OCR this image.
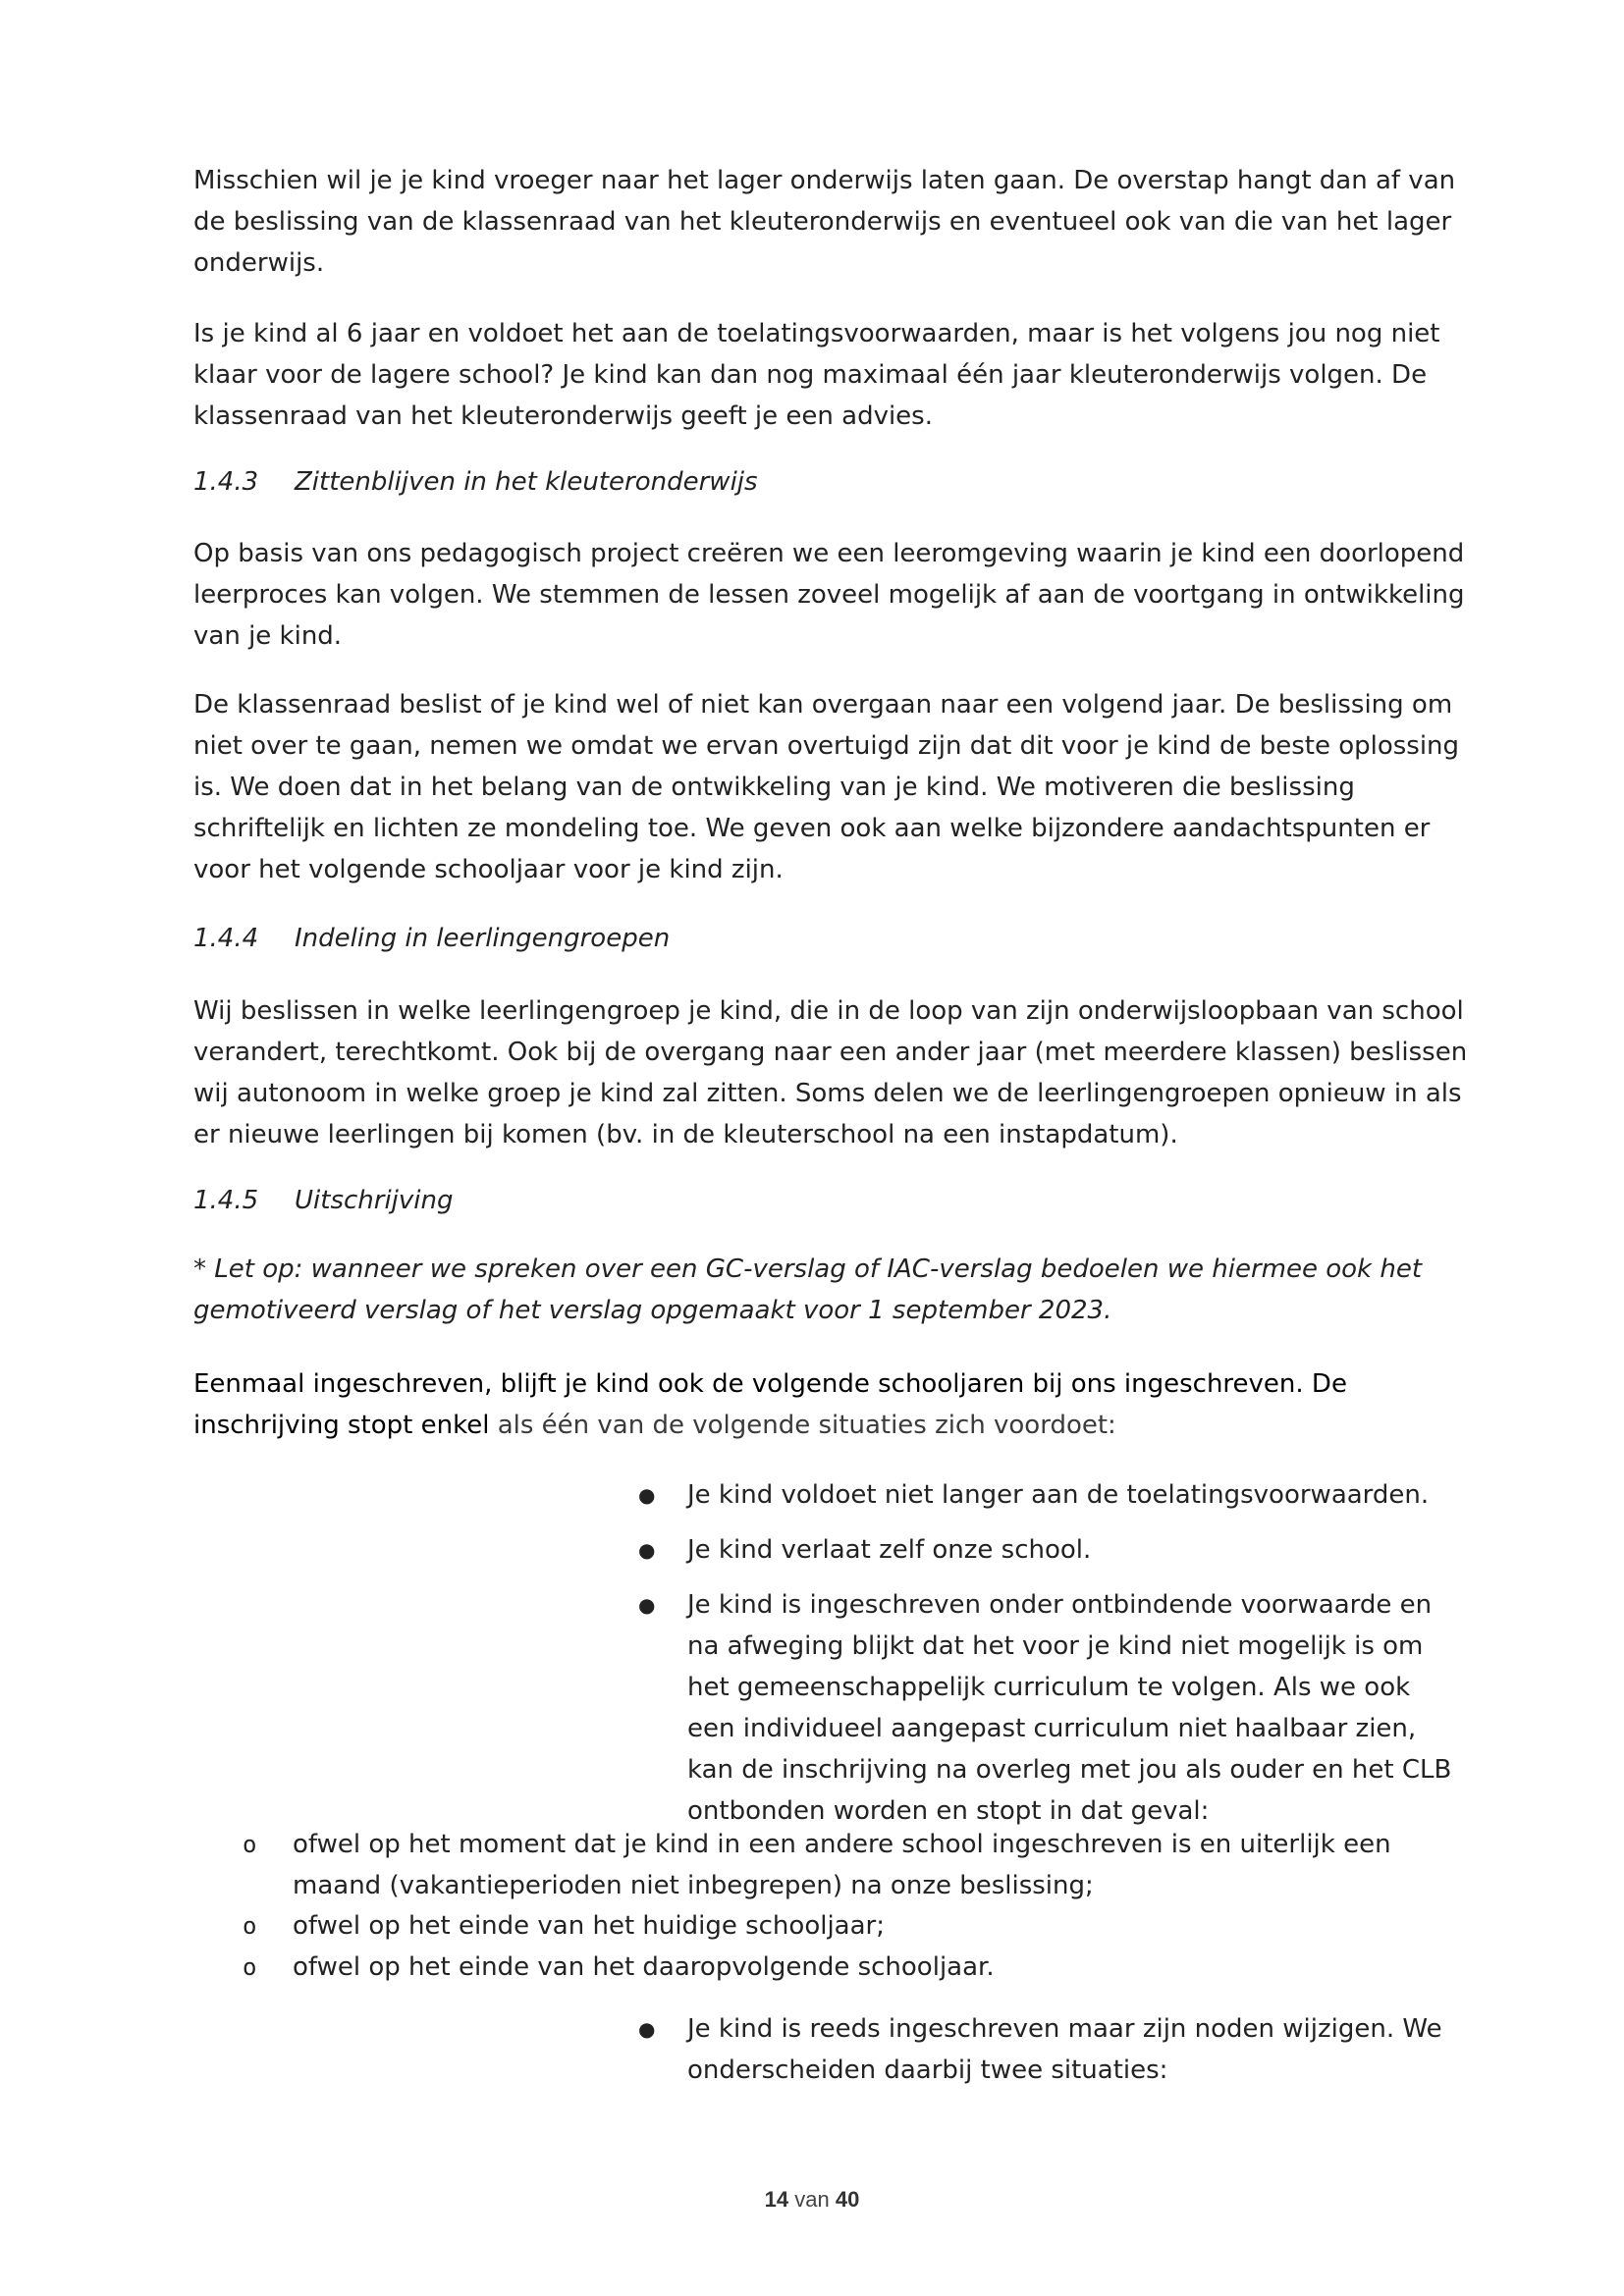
Misschien wil je je kind vroeger naar het lager onderwijs laten gaan. De overstap hangt dan af van de beslissing van de klassenraad van het kleuteronderwijs en eventueel ook van die van het lager onderwijs.

Is je kind al 6 jaar en voldoet het aan de toelatingsvoorwaarden, maar is het volgens jou nog niet klaar voor de lagere school? Je kind kan dan nog maximaal één jaar kleuteronderwijs volgen. De klassenraad van het kleuteronderwijs geeft je een advies.

1.4.3 Zittenblijven in het kleuteronderwijs

Op basis van ons pedagogisch project creëren we een leeromgeving waarin je kind een doorlopend leerproces kan volgen. We stemmen de lessen zoveel mogelijk af aan de voortgang in ontwikkeling van je kind.

De klassenraad beslist of je kind wel of niet kan overgaan naar een volgend jaar. De beslissing om niet over te gaan, nemen we omdat we ervan overtuigd zijn dat dit voor je kind de beste oplossing is. We doen dat in het belang van de ontwikkeling van je kind. We motiveren die beslissing schriftelijk en lichten ze mondeling toe. We geven ook aan welke bijzondere aandachtspunten er voor het volgende schooljaar voor je kind zijn.

1.4.4 Indeling in leerlingengroepen

Wij beslissen in welke leerlingengroep je kind, die in de loop van zijn onderwijsloopbaan van school verandert, terechtkomt. Ook bij de overgang naar een ander jaar (met meerdere klassen) beslissen wij autonoom in welke groep je kind zal zitten. Soms delen we de leerlingengroepen opnieuw in als er nieuwe leerlingen bij komen (bv. in de kleuterschool na een instapdatum).

1.4.5 Uitschrijving

* Let op: wanneer we spreken over een GC-verslag of IAC-verslag bedoelen we hiermee ook het gemotiveerd verslag of het verslag opgemaakt voor 1 september 2023.

Eenmaal ingeschreven, blijft je kind ook de volgende schooljaren bij ons ingeschreven. De inschrijving stopt enkel als één van de volgende situaties zich voordoet:

● Je kind voldoet niet langer aan de toelatingsvoorwaarden.
● Je kind verlaat zelf onze school.
● Je kind is ingeschreven onder ontbindende voorwaarde en na afweging blijkt dat het voor je kind niet mogelijk is om het gemeenschappelijk curriculum te volgen. Als we ook een individueel aangepast curriculum niet haalbaar zien, kan de inschrijving na overleg met jou als ouder en het CLB ontbonden worden en stopt in dat geval:
o ofwel op het moment dat je kind in een andere school ingeschreven is en uiterlijk een maand (vakantieperioden niet inbegrepen) na onze beslissing;
o ofwel op het einde van het huidige schooljaar;
o ofwel op het einde van het daaropvolgende schooljaar.
● Je kind is reeds ingeschreven maar zijn noden wijzigen. We onderscheiden daarbij twee situaties:
14 van 40
